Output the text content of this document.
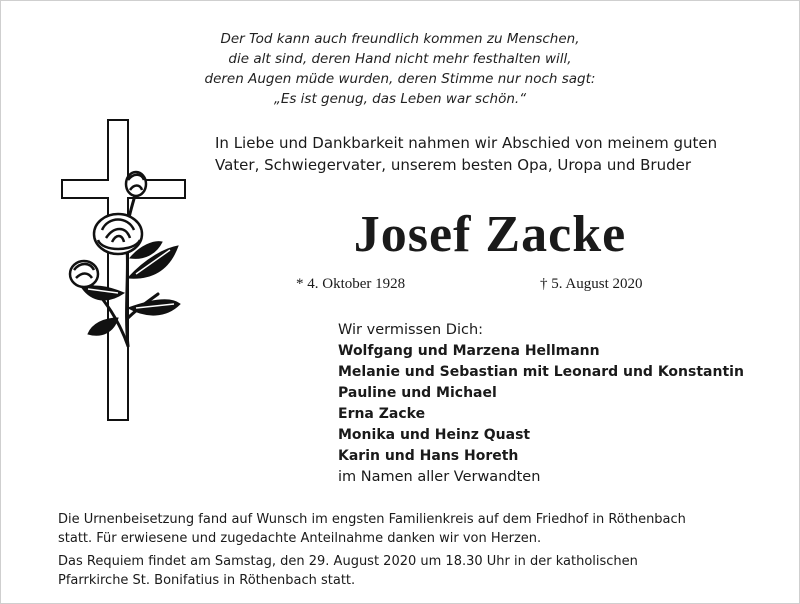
Der Tod kann auch freundlich kommen zu Menschen,
die alt sind, deren Hand nicht mehr festhalten will,
deren Augen müde wurden, deren Stimme nur noch sagt:
„Es ist genug, das Leben war schön.“
In Liebe und Dankbarkeit nahmen wir Abschied von meinem guten
Vater, Schwiegervater, unserem besten Opa, Uropa und Bruder
Josef Zacke
* 4. Oktober 1928	† 5. August 2020
Wir vermissen Dich:
Wolfgang und Marzena Hellmann
Melanie und Sebastian mit Leonard und Konstantin
Pauline und Michael
Erna Zacke
Monika und Heinz Quast
Karin und Hans Horeth
im Namen aller Verwandten
Die Urnenbeisetzung fand auf Wunsch im engsten Familienkreis auf dem Friedhof in Röthenbach
statt. Für erwiesene und zugedachte Anteilnahme danken wir von Herzen.
Das Requiem findet am Samstag, den 29. August 2020 um 18.30 Uhr in der katholischen
Pfarrkirche St. Bonifatius in Röthenbach statt.
